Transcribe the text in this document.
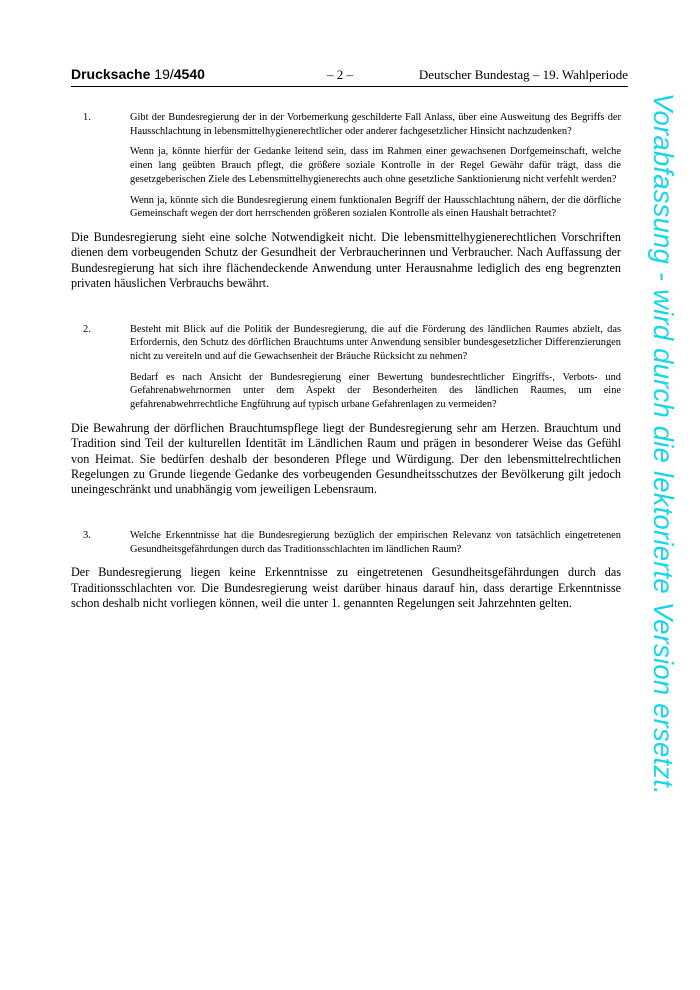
Drucksache 19/4540	– 2 –	Deutscher Bundestag – 19. Wahlperiode
1.	Gibt der Bundesregierung der in der Vorbemerkung geschilderte Fall Anlass, über eine Ausweitung des Begriffs der Hausschlachtung in lebensmittelhygienerechtlicher oder anderer fachgesetzlicher Hinsicht nachzudenken?

Wenn ja, könnte hierfür der Gedanke leitend sein, dass im Rahmen einer gewachsenen Dorfgemeinschaft, welche einen lang geübten Brauch pflegt, die größere soziale Kontrolle in der Regel Gewähr dafür trägt, dass die gesetzgeberischen Ziele des Lebensmittelhygienerechts auch ohne gesetzliche Sanktionierung nicht verfehlt werden?

Wenn ja, könnte sich die Bundesregierung einem funktionalen Begriff der Hausschlachtung nähern, der die dörfliche Gemeinschaft wegen der dort herrschenden größeren sozialen Kontrolle als einen Haushalt betrachtet?

Die Bundesregierung sieht eine solche Notwendigkeit nicht. Die lebensmittelhygienerechtlichen Vorschriften dienen dem vorbeugenden Schutz der Gesundheit der Verbraucherinnen und Verbraucher. Nach Auffassung der Bundesregierung hat sich ihre flächendeckende Anwendung unter Herausnahme lediglich des eng begrenzten privaten häuslichen Verbrauchs bewährt.

2.	Besteht mit Blick auf die Politik der Bundesregierung, die auf die Förderung des ländlichen Raumes abzielt, das Erfordernis, den Schutz des dörflichen Brauchtums unter Anwendung sensibler bundesgesetzlicher Differenzierungen nicht zu vereiteln und auf die Gewachsenheit der Bräuche Rücksicht zu nehmen?

Bedarf es nach Ansicht der Bundesregierung einer Bewertung bundesrechtlicher Eingriffs-, Verbots- und Gefahrenabwehrnormen unter dem Aspekt der Besonderheiten des ländlichen Raumes, um eine gefahrenabwehrrechtliche Engführung auf typisch urbane Gefahrenlagen zu vermeiden?

Die Bewahrung der dörflichen Brauchtumspflege liegt der Bundesregierung sehr am Herzen. Brauchtum und Tradition sind Teil der kulturellen Identität im Ländlichen Raum und prägen in besonderer Weise das Gefühl von Heimat. Sie bedürfen deshalb der besonderen Pflege und Würdigung. Der den lebensmittelrechtlichen Regelungen zu Grunde liegende Gedanke des vorbeugenden Gesundheitsschutzes der Bevölkerung gilt jedoch uneingeschränkt und unabhängig vom jeweiligen Lebensraum.

3.	Welche Erkenntnisse hat die Bundesregierung bezüglich der empirischen Relevanz von tatsächlich eingetretenen Gesundheitsgefährdungen durch das Traditionsschlachten im ländlichen Raum?

Der Bundesregierung liegen keine Erkenntnisse zu eingetretenen Gesundheitsgefährdungen durch das Traditionsschlachten vor. Die Bundesregierung weist darüber hinaus darauf hin, dass derartige Erkenntnisse schon deshalb nicht vorliegen können, weil die unter 1. genannten Regelungen seit Jahrzehnten gelten.	Vorabfassung - wird durch die lektorierte Version ersetzt.
